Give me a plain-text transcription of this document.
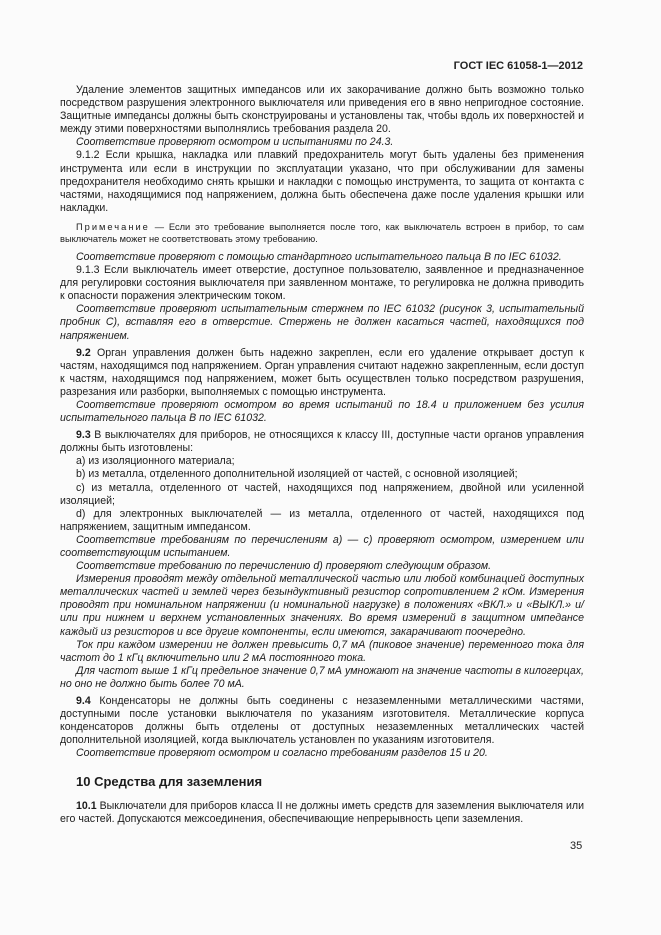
ГОСТ IEC 61058-1—2012

Удаление элементов защитных импедансов или их закорачивание должно быть возможно только посредством разрушения электронного выключателя или приведения его в явно непригодное состояние. Защитные импедансы должны быть сконструированы и установлены так, чтобы вдоль их поверхностей и между этими поверхностями выполнялись требования раздела 20.

Соответствие проверяют осмотром и испытаниями по 24.3.

9.1.2 Если крышка, накладка или плавкий предохранитель могут быть удалены без применения инструмента или если в инструкции по эксплуатации указано, что при обслуживании для замены предохранителя необходимо снять крышки и накладки с помощью инструмента, то защита от контакта с частями, находящимися под напряжением, должна быть обеспечена даже после удаления крышки или накладки.

Примечание — Если это требование выполняется после того, как выключатель встроен в прибор, то сам выключатель может не соответствовать этому требованию.

Соответствие проверяют с помощью стандартного испытательного пальца B по IEC 61032.

9.1.3 Если выключатель имеет отверстие, доступное пользователю, заявленное и предназначенное для регулировки состояния выключателя при заявленном монтаже, то регулировка не должна приводить к опасности поражения электрическим током.

Соответствие проверяют испытательным стержнем по IEC 61032 (рисунок 3, испытательный пробник С), вставляя его в отверстие. Стержень не должен касаться частей, находящихся под напряжением.

9.2 Орган управления должен быть надежно закреплен, если его удаление открывает доступ к частям, находящимся под напряжением. Орган управления считают надежно закрепленным, если доступ к частям, находящимся под напряжением, может быть осуществлен только посредством разрушения, разрезания или разборки, выполняемых с помощью инструмента.

Соответствие проверяют осмотром во время испытаний по 18.4 и приложением без усилия испытательного пальца B по IEC 61032.

9.3 В выключателях для приборов, не относящихся к классу III, доступные части органов управления должны быть изготовлены:

a) из изоляционного материала;

b) из металла, отделенного дополнительной изоляцией от частей, с основной изоляцией;

c) из металла, отделенного от частей, находящихся под напряжением, двойной или усиленной изоляцией;

d) для электронных выключателей — из металла, отделенного от частей, находящихся под напряжением, защитным импедансом.

Соответствие требованиям по перечислениям а) — с) проверяют осмотром, измерением или соответствующим испытанием.

Соответствие требованию по перечислению d) проверяют следующим образом.

Измерения проводят между отдельной металлической частью или любой комбинацией доступных металлических частей и землей через безындуктивный резистор сопротивлением 2 кОм. Измерения проводят при номинальном напряжении (и номинальной нагрузке) в положениях «ВКЛ.» и «ВЫКЛ.» и/или при нижнем и верхнем установленных значениях. Во время измерений в защитном импедансе каждый из резисторов и все другие компоненты, если имеются, закарачивают поочередно.

Ток при каждом измерении не должен превысить 0,7 мА (пиковое значение) переменного тока для частот до 1 кГц включительно или 2 мА постоянного тока.

Для частот выше 1 кГц предельное значение 0,7 мА умножают на значение частоты в килогерцах, но оно не должно быть более 70 мА.

9.4 Конденсаторы не должны быть соединены с незаземленными металлическими частями, доступными после установки выключателя по указаниям изготовителя. Металлические корпуса конденсаторов должны быть отделены от доступных незаземленных металлических частей дополнительной изоляцией, когда выключатель установлен по указаниям изготовителя.

Соответствие проверяют осмотром и согласно требованиям разделов 15 и 20.

10 Средства для заземления

10.1 Выключатели для приборов класса II не должны иметь средств для заземления выключателя или его частей. Допускаются межсоединения, обеспечивающие непрерывность цепи заземления.

35
